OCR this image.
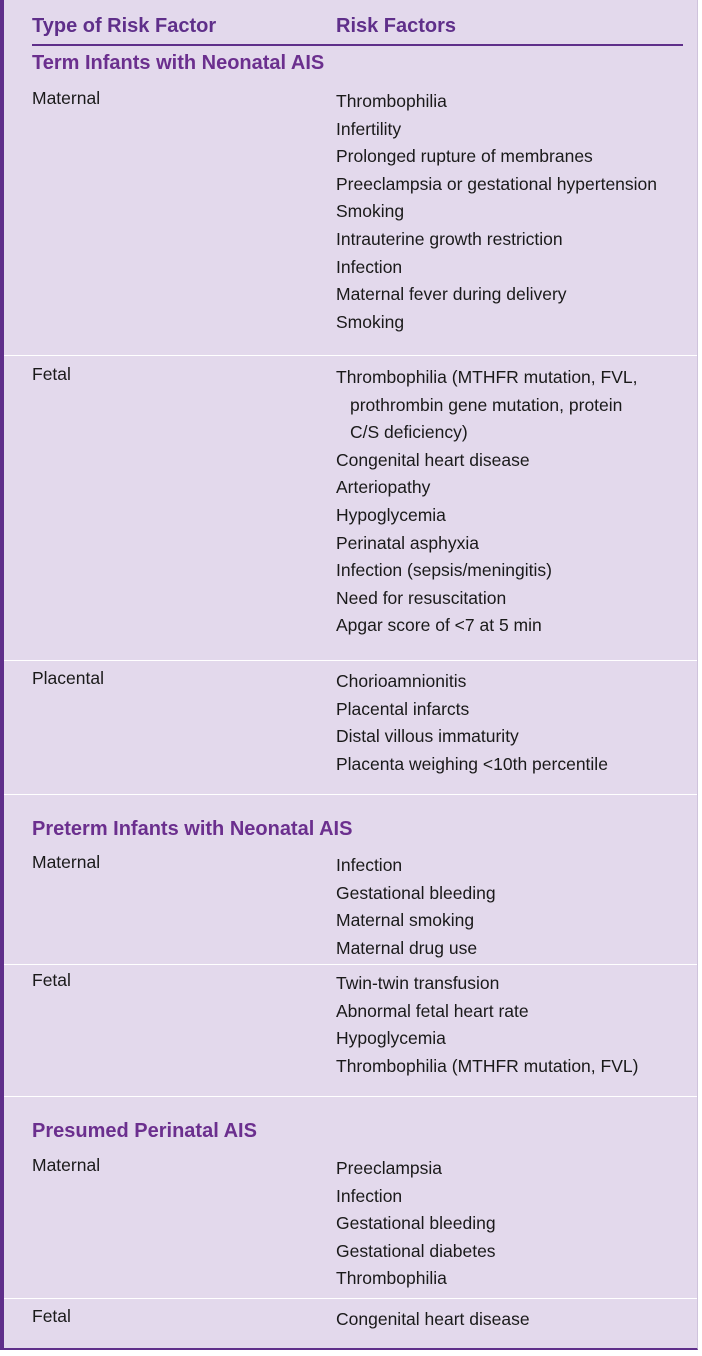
Type of Risk Factor	Risk Factors
Term Infants with Neonatal AIS
Maternal	Thrombophilia
Infertility
Prolonged rupture of membranes
Preeclampsia or gestational hypertension
Smoking
Intrauterine growth restriction
Infection
Maternal fever during delivery
Smoking
Fetal	Thrombophilia (MTHFR mutation, FVL,
prothrombin gene mutation, protein
C/S deficiency)
Congenital heart disease
Arteriopathy
Hypoglycemia
Perinatal asphyxia
Infection (sepsis/meningitis)
Need for resuscitation
Apgar score of <7 at 5 min
Placental	Chorioamnionitis
Placental infarcts
Distal villous immaturity
Placenta weighing <10th percentile
Preterm Infants with Neonatal AIS
Maternal	Infection
Gestational bleeding
Maternal smoking
Maternal drug use
Fetal	Twin-twin transfusion
Abnormal fetal heart rate
Hypoglycemia
Thrombophilia (MTHFR mutation, FVL)
Presumed Perinatal AIS
Maternal	Preeclampsia
Infection
Gestational bleeding
Gestational diabetes
Thrombophilia
Fetal	Congenital heart disease
